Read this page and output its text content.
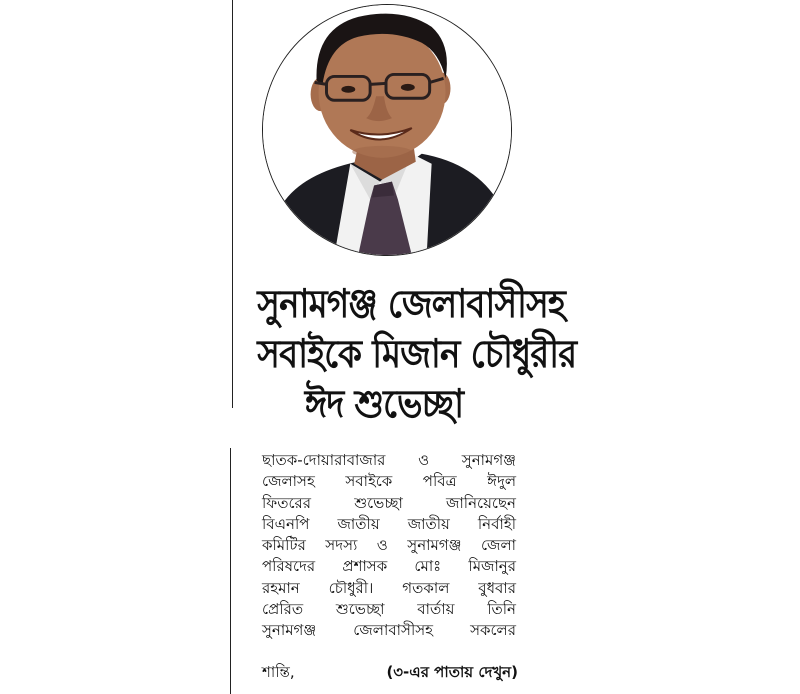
সুনামগঞ্জ জেলাবাসীসহ
সবাইকে মিজান চৌধুরীর
ঈদ শুভেচ্ছা
ছাতক-দোয়ারাবাজার ও সুনামগঞ্জ
জেলাসহ সবাইকে পবিত্র ঈদুল
ফিতরের শুভেচ্ছা জানিয়েছেন
বিএনপি জাতীয় জাতীয় নির্বাহী
কমিটির সদস্য ও সুনামগঞ্জ জেলা
পরিষদের প্রশাসক মোঃ মিজানুর
রহমান চৌধুরী। গতকাল বুধবার
প্রেরিত শুভেচ্ছা বার্তায় তিনি
সুনামগঞ্জ জেলাবাসীসহ সকলের
শান্তি,	(৩-এর পাতায় দেখুন)
